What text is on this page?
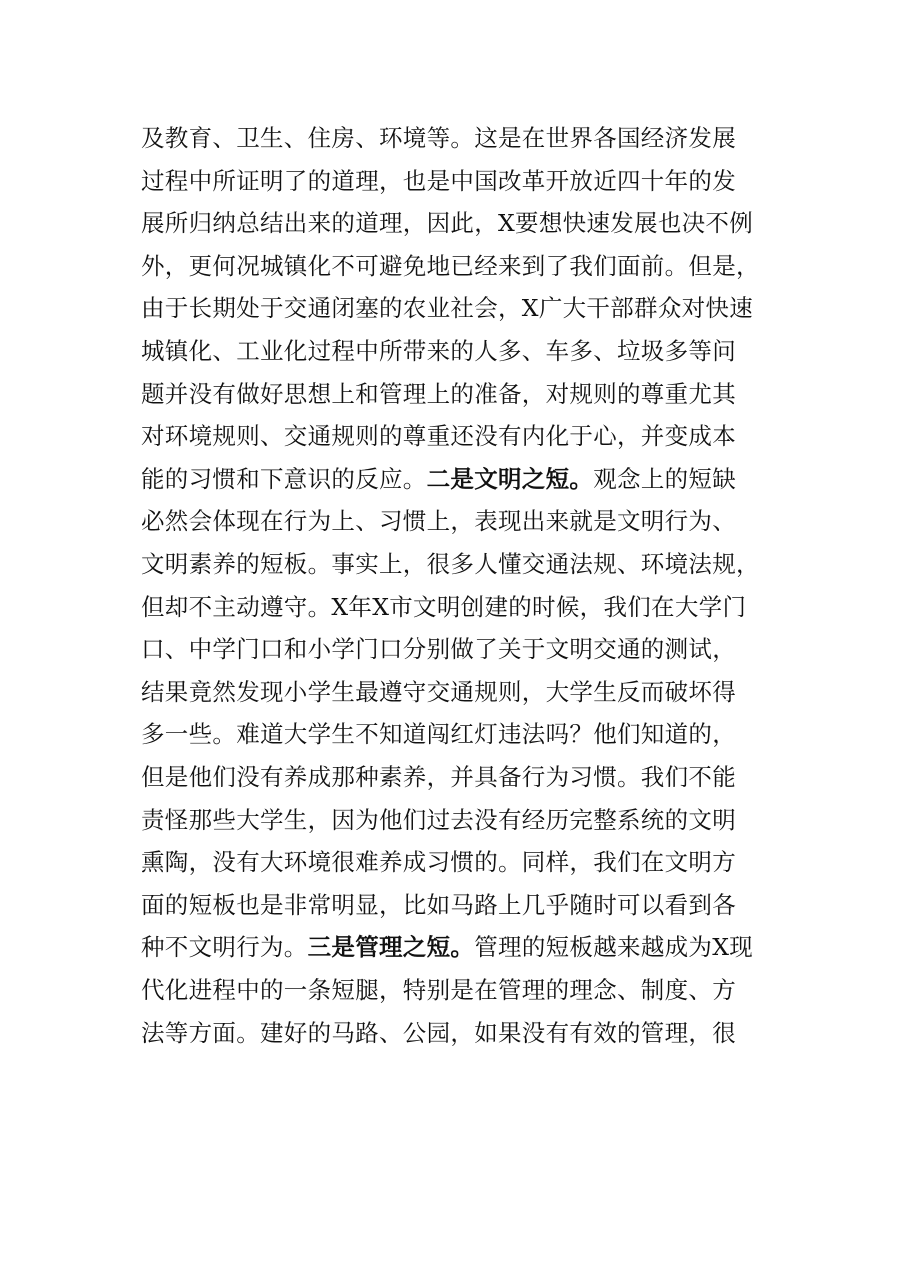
及教育、卫生、住房、环境等。这是在世界各国经济发展
过程中所证明了的道理，也是中国改革开放近四十年的发
展所归纳总结出来的道理，因此，X要想快速发展也决不例
外，更何况城镇化不可避免地已经来到了我们面前。但是，
由于长期处于交通闭塞的农业社会，X广大干部群众对快速
城镇化、工业化过程中所带来的人多、车多、垃圾多等问
题并没有做好思想上和管理上的准备，对规则的尊重尤其
对环境规则、交通规则的尊重还没有内化于心，并变成本
能的习惯和下意识的反应。二是文明之短。观念上的短缺
必然会体现在行为上、习惯上，表现出来就是文明行为、
文明素养的短板。事实上，很多人懂交通法规、环境法规，
但却不主动遵守。X年X市文明创建的时候，我们在大学门
口、中学门口和小学门口分别做了关于文明交通的测试，
结果竟然发现小学生最遵守交通规则，大学生反而破坏得
多一些。难道大学生不知道闯红灯违法吗？他们知道的，
但是他们没有养成那种素养，并具备行为习惯。我们不能
责怪那些大学生，因为他们过去没有经历完整系统的文明
熏陶，没有大环境很难养成习惯的。同样，我们在文明方
面的短板也是非常明显，比如马路上几乎随时可以看到各
种不文明行为。三是管理之短。管理的短板越来越成为X现
代化进程中的一条短腿，特别是在管理的理念、制度、方
法等方面。建好的马路、公园，如果没有有效的管理，很
